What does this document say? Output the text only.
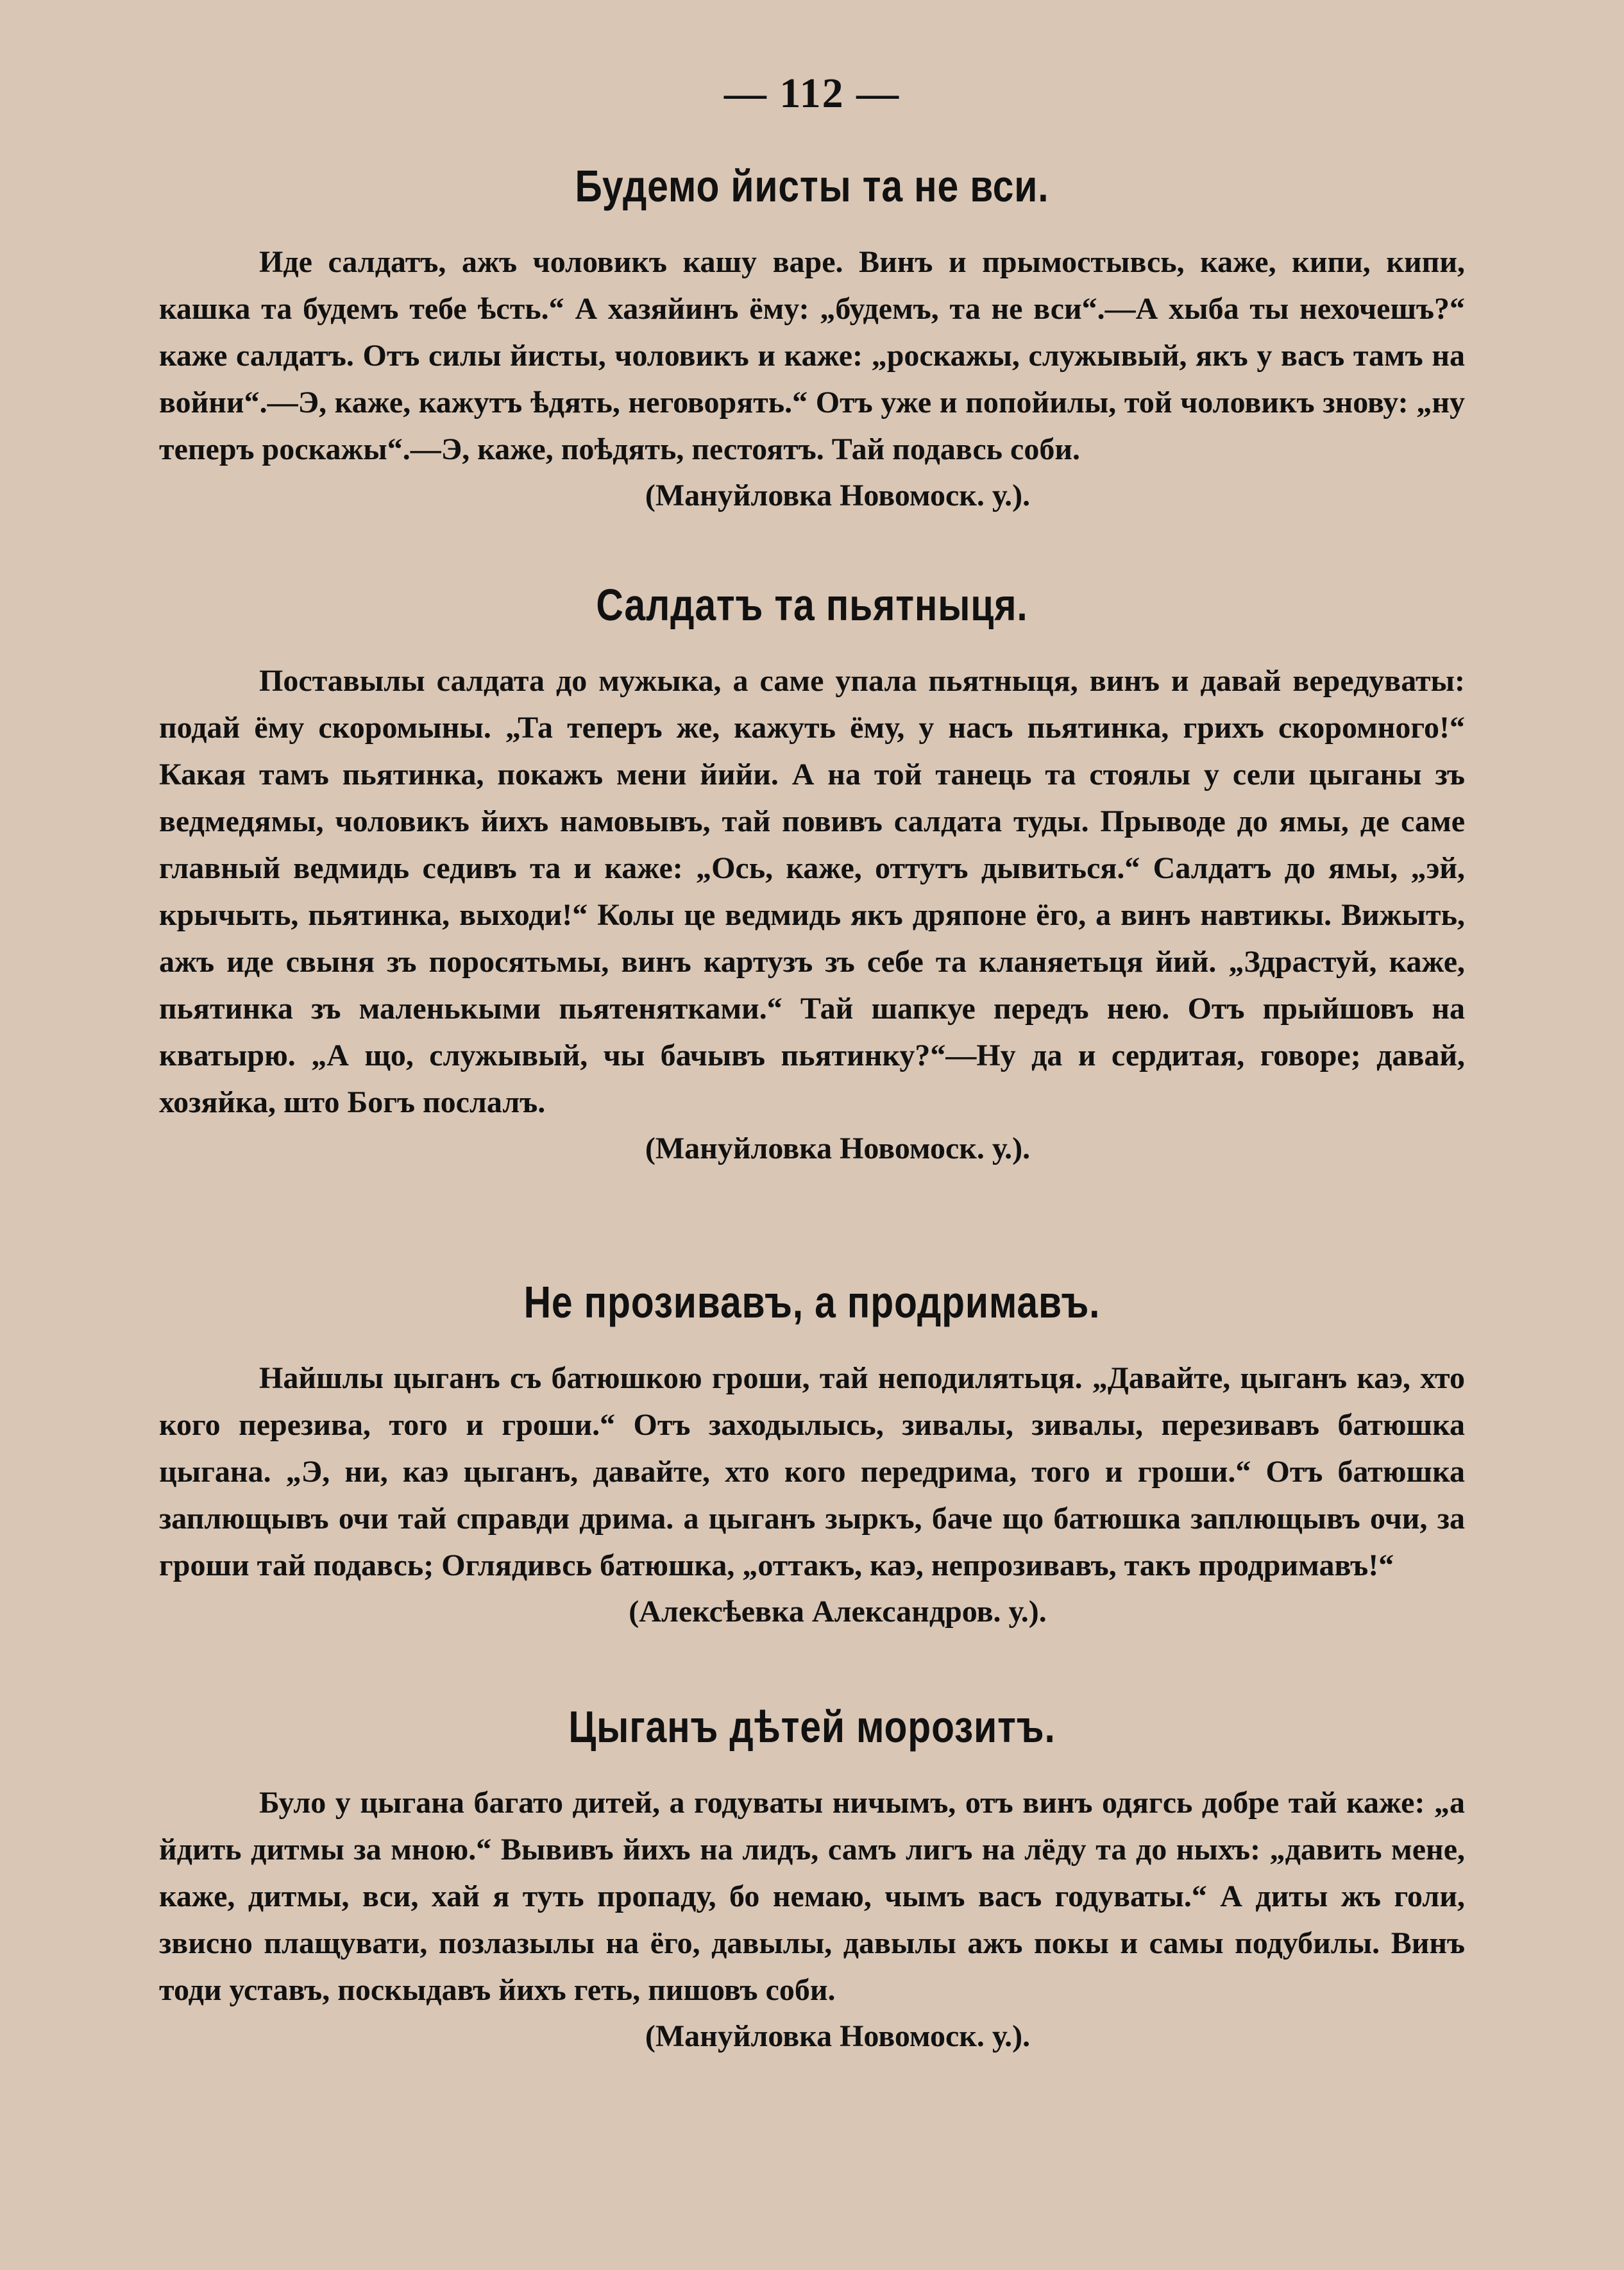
— 112 —
Будемо йисты та не вси.

Иде салдатъ, ажъ чоловикъ кашу варе. Винъ и прымостывсь, каже, кипи, кипи, кашка та будемъ тебе ѣсть.“ А хазяйинъ ёму: „будемъ, та не вси“.—А хыба ты нехочешъ?“ каже салдатъ. Отъ силы йисты, чоловикъ и каже: „роскажы, служывый, якъ у васъ тамъ на войни“.—Э, каже, кажутъ ѣдять, неговорять.“ Отъ уже и попойилы, той чоловикъ знову: „ну теперъ роскажы“.—Э, каже, поѣдять, пестоятъ. Тай подавсь соби.

(Мануйловка Новомоск. у.).
Салдатъ та пьятныця.

Поставылы салдата до мужыка, а саме упала пьятныця, винъ и давай вередуваты: подай ёму скоромыны. „Та теперъ же, кажуть ёму, у насъ пьятинка, грихъ скоромного!“ Какая тамъ пьятинка, покажъ мени йийи. А на той танець та стоялы у сели цыганы зъ ведмедямы, чоловикъ йихъ намовывъ, тай повивъ салдата туды. Прыводе до ямы, де саме главный ведмидь седивъ та и каже: „Ось, каже, оттутъ дывиться.“ Салдатъ до ямы, „эй, крычыть, пьятинка, выходи!“ Колы це ведмидь якъ дряпоне ёго, а винъ навтикы. Вижыть, ажъ иде свыня зъ поросятьмы, винъ картузъ зъ себе та кланяетьця йий. „Здрастуй, каже, пьятинка зъ маленькыми пьятенятками.“ Тай шапкуе передъ нею. Отъ прыйшовъ на кватырю. „А що, служывый, чы бачывъ пьятинку?“—Ну да и сердитая, говоре; давай, хозяйка, што Богъ послалъ.

(Мануйловка Новомоск. у.).
Не прозивавъ, а продримавъ.

Найшлы цыганъ съ батюшкою гроши, тай неподилятьця. „Давайте, цыганъ каэ, хто кого перезива, того и гроши.“ Отъ заходылысь, зивалы, зивалы, перезивавъ батюшка цыгана. „Э, ни, каэ цыганъ, давайте, хто кого передрима, того и гроши.“ Отъ батюшка заплющывъ очи тай справди дрима. а цыганъ зыркъ, баче що батюшка заплющывъ очи, за гроши тай подавсь; Оглядивсь батюшка, „оттакъ, каэ, непрозивавъ, такъ продримавъ!“

(Алексѣевка Александров. у.).
Цыганъ дѣтей морозитъ.

Було у цыгана багато дитей, а годуваты ничымъ, отъ винъ одягсь добре тай каже: „а йдить дитмы за мною.“ Вывивъ йихъ на лидъ, самъ лигъ на лёду та до ныхъ: „давить мене, каже, дитмы, вси, хай я туть пропаду, бо немаю, чымъ васъ годуваты.“ А диты жъ голи, звисно плащувати, позлазылы на ёго, давылы, давылы ажъ покы и самы подубилы. Винъ тоди уставъ, поскыдавъ йихъ геть, пишовъ соби.

(Мануйловка Новомоск. у.).
